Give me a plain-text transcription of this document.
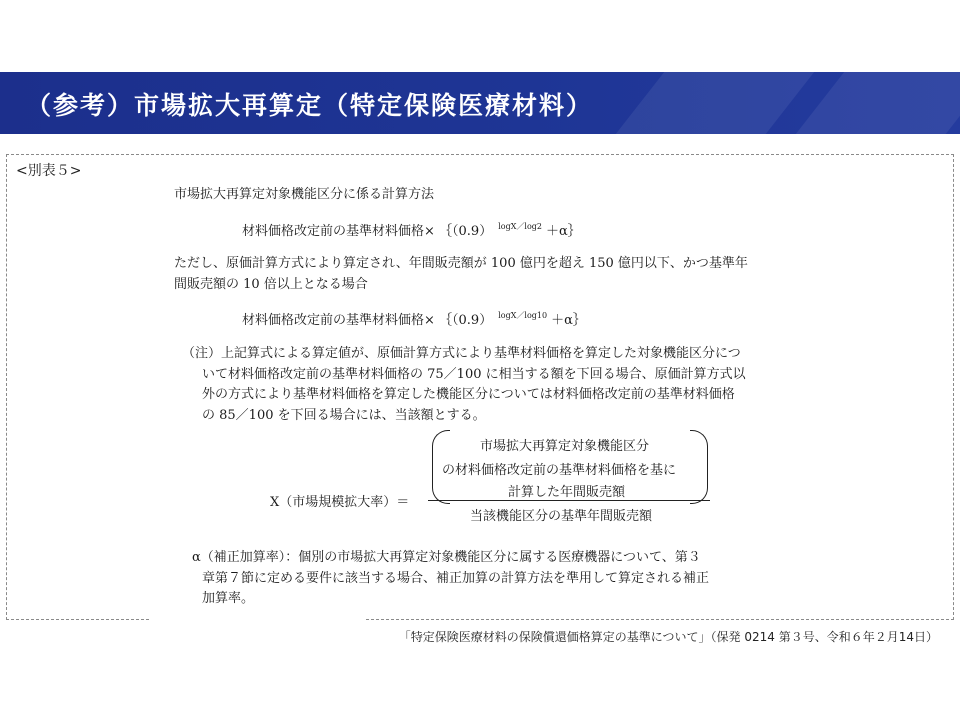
（参考）市場拡大再算定（特定保険医療材料）
<別表５>
市場拡大再算定対象機能区分に係る計算方法
材料価格改定前の基準材料価格× ｛（0.9） $^{logX/log2}$ ＋α｝
ただし、原価計算方式により算定され、年間販売額が 100 億円を超え 150 億円以下、かつ基準年
間販売額の 10 倍以上となる場合
材料価格改定前の基準材料価格× ｛（0.9） $^{logX/log10}$ ＋α｝
（注）上記算式による算定値が、原価計算方式により基準材料価格を算定した対象機能区分につ
いて材料価格改定前の基準材料価格の 75／100 に相当する額を下回る場合、原価計算方式以
外の方式により基準材料価格を算定した機能区分については材料価格改定前の基準材料価格
の 85／100 を下回る場合には、当該額とする。
X（市場規模拡大率）＝
市場拡大再算定対象機能区分
の材料価格改定前の基準材料価格を基に
計算した年間販売額
当該機能区分の基準年間販売額
α（補正加算率）：個別の市場拡大再算定対象機能区分に属する医療機器について、第３
章第７節に定める要件に該当する場合、補正加算の計算方法を準用して算定される補正
加算率。
「特定保険医療材料の保険償還価格算定の基準について」（保発 0214 第３号、令和６年２月14日）
